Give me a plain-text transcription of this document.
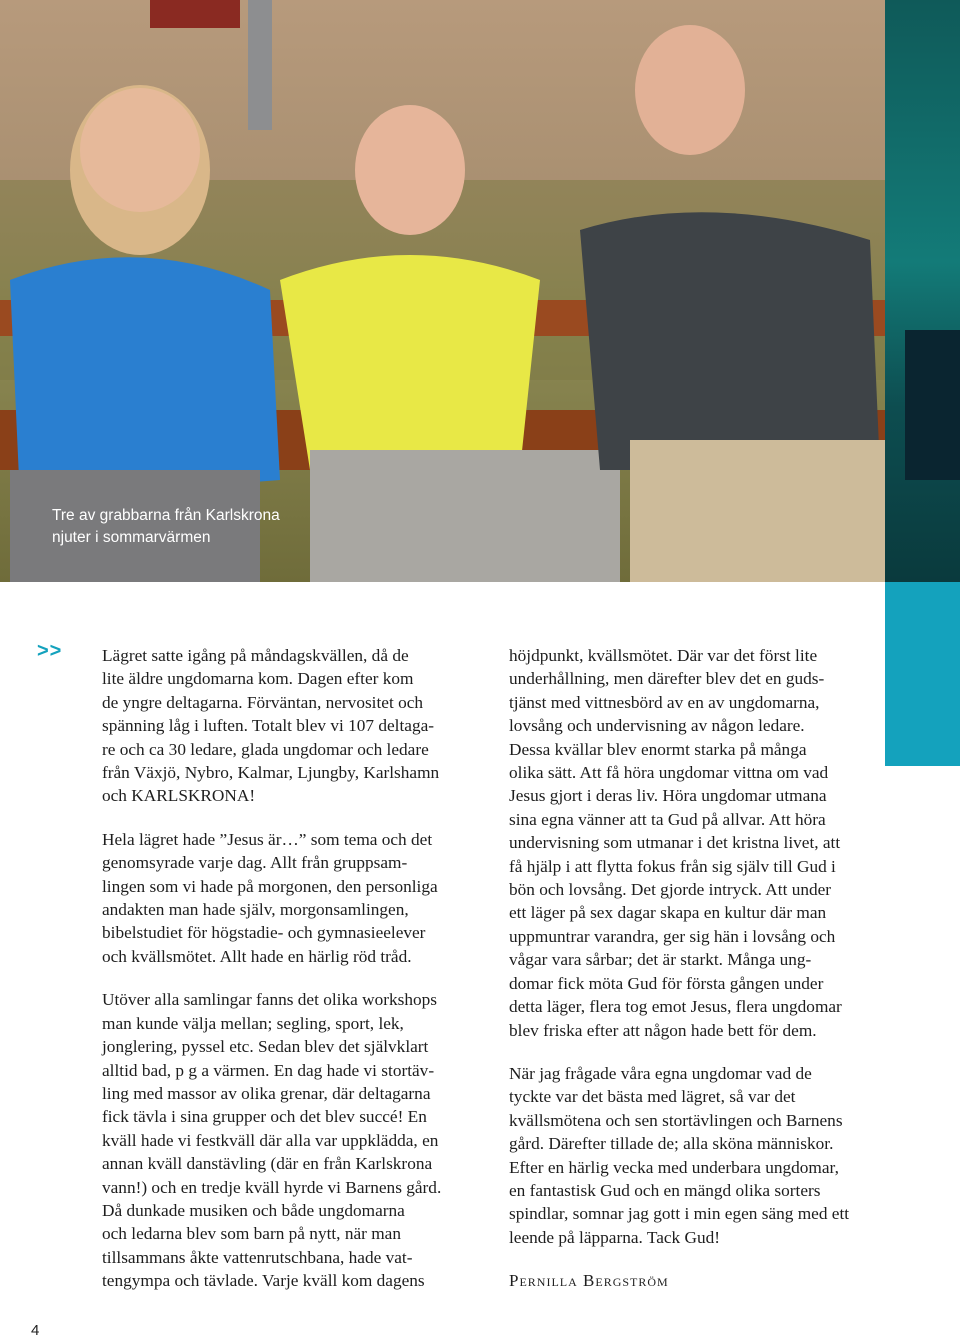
Tre av grabbarna från Karlskrona
njuter i sommarvärmen
>> Lägret satte igång på måndagskvällen, då de
lite äldre ungdomarna kom. Dagen efter kom
de yngre deltagarna. Förväntan, nervositet och
spänning låg i luften. Totalt blev vi 107 deltaga-
re och ca 30 ledare, glada ungdomar och ledare
från Växjö, Nybro, Kalmar, Ljungby, Karlshamn
och KARLSKRONA!

Hela lägret hade ”Jesus är…” som tema och det
genomsyrade varje dag. Allt från gruppsam-
lingen som vi hade på morgonen, den personliga
andakten man hade själv, morgonsamlingen,
bibelstudiet för högstadie- och gymnasieelever
och kvällsmötet. Allt hade en härlig röd tråd.

Utöver alla samlingar fanns det olika workshops
man kunde välja mellan; segling, sport, lek,
jonglering, pyssel etc. Sedan blev det självklart
alltid bad, p g a värmen. En dag hade vi stortäv-
ling med massor av olika grenar, där deltagarna
fick tävla i sina grupper och det blev succé! En
kväll hade vi festkväll där alla var uppklädda, en
annan kväll danstävling (där en från Karlskrona
vann!) och en tredje kväll hyrde vi Barnens gård.
Då dunkade musiken och både ungdomarna
och ledarna blev som barn på nytt, när man
tillsammans åkte vattenrutschbana, hade vat-
tengympa och tävlade. Varje kväll kom dagens

höjdpunkt, kvällsmötet. Där var det först lite
underhållning, men därefter blev det en guds-
tjänst med vittnesbörd av en av ungdomarna,
lovsång och undervisning av någon ledare.
Dessa kvällar blev enormt starka på många
olika sätt. Att få höra ungdomar vittna om vad
Jesus gjort i deras liv. Höra ungdomar utmana
sina egna vänner att ta Gud på allvar. Att höra
undervisning som utmanar i det kristna livet, att
få hjälp i att flytta fokus från sig själv till Gud i
bön och lovsång. Det gjorde intryck. Att under
ett läger på sex dagar skapa en kultur där man
uppmuntrar varandra, ger sig hän i lovsång och
vågar vara sårbar; det är starkt. Många ung-
domar fick möta Gud för första gången under
detta läger, flera tog emot Jesus, flera ungdomar
blev friska efter att någon hade bett för dem.

När jag frågade våra egna ungdomar vad de
tyckte var det bästa med lägret, så var det
kvällsmötena och sen stortävlingen och Barnens
gård. Därefter tillade de; alla sköna människor.
Efter en härlig vecka med underbara ungdomar,
en fantastisk Gud och en mängd olika sorters
spindlar, somnar jag gott i min egen säng med ett
leende på läpparna. Tack Gud!

Pernilla Bergström
4
